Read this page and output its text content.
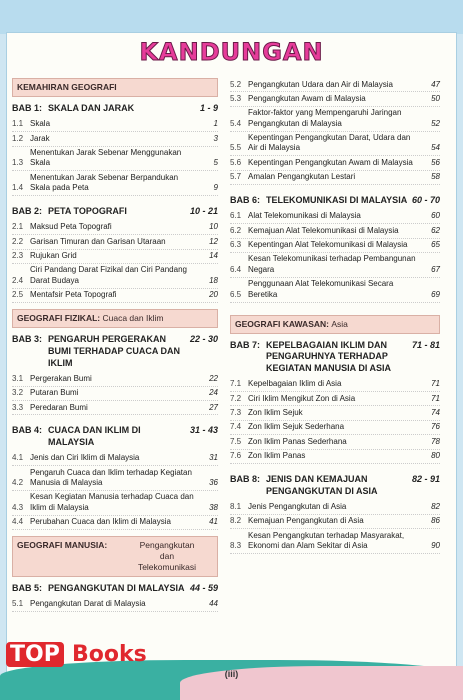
KANDUNGAN
KEMAHIRAN GEOGRAFI
BAB 1: SKALA DAN JARAK	1 - 9
1.1 Skala	1
1.2 Jarak	3
1.3
Menentukan Jarak Sebenar Menggunakan Skala	5
1.4
Menentukan Jarak Sebenar Berpandukan Skala pada Peta	9
BAB 2: PETA TOPOGRAFI	10 - 21
2.1 Maksud Peta Topografi	10
2.2 Garisan Timuran dan Garisan Utaraan	12
2.3 Rujukan Grid	14
2.4
Ciri Pandang Darat Fizikal dan Ciri Pandang Darat Budaya	18
2.5 Mentafsir Peta Topografi	20
GEOGRAFI FIZIKAL: Cuaca dan Iklim
BAB 3: PENGARUH PERGERAKAN BUMI TERHADAP CUACA DAN IKLIM
22 - 30
3.1 Pergerakan Bumi	22
3.2 Putaran Bumi	24
3.3 Peredaran Bumi	27
BAB 4: CUACA DAN IKLIM DI MALAYSIA
31 - 43
4.1 Jenis dan Ciri Iklim di Malaysia	31
4.2
Pengaruh Cuaca dan Iklim terhadap Kegiatan Manusia di Malaysia	36
4.3
Kesan Kegiatan Manusia terhadap Cuaca dan Iklim di Malaysia	38
4.4 Perubahan Cuaca dan Iklim di Malaysia	41
GEOGRAFI MANUSIA:	Pengangkutan
dan
Telekomunikasi
BAB 5: PENGANGKUTAN DI MALAYSIA 44 - 59
5.1 Pengangkutan Darat di Malaysia	44
5.2 Pengangkutan Udara dan Air di Malaysia	47
5.3 Pengangkutan Awam di Malaysia	50
5.4
Faktor-faktor yang Mempengaruhi Jaringan Pengangkutan di Malaysia	52
5.5
Kepentingan Pengangkutan Darat, Udara dan Air di Malaysia	54
5.6 Kepentingan Pengangkutan Awam di Malaysia	56
5.7 Amalan Pengangkutan Lestari	58
BAB 6: TELEKOMUNIKASI DI MALAYSIA 60 - 70
6.1 Alat Telekomunikasi di Malaysia	60
6.2 Kemajuan Alat Telekomunikasi di Malaysia	62
6.3 Kepentingan Alat Telekomunikasi di Malaysia	65
6.4
Kesan Telekomunikasi terhadap Pembangunan Negara	67
6.5
Penggunaan Alat Telekomunikasi Secara Beretika	69
GEOGRAFI KAWASAN: Asia
BAB 7: KEPELBAGAIAN IKLIM DAN PENGARUHNYA TERHADAP KEGIATAN MANUSIA DI ASIA
71 - 81
7.1 Kepelbagaian Iklim di Asia	71
7.2 Ciri Iklim Mengikut Zon di Asia	71
7.3 Zon Iklim Sejuk	74
7.4 Zon Iklim Sejuk Sederhana	76
7.5 Zon Iklim Panas Sederhana	78
7.6 Zon Iklim Panas	80
BAB 8: JENIS DAN KEMAJUAN PENGANGKUTAN DI ASIA
82 - 91
8.1 Jenis Pengangkutan di Asia	82
8.2 Kemajuan Pengangkutan di Asia	86
8.3
Kesan Pengangkutan terhadap Masyarakat, Ekonomi dan Alam Sekitar di Asia	90
(iii)
TOP Books
